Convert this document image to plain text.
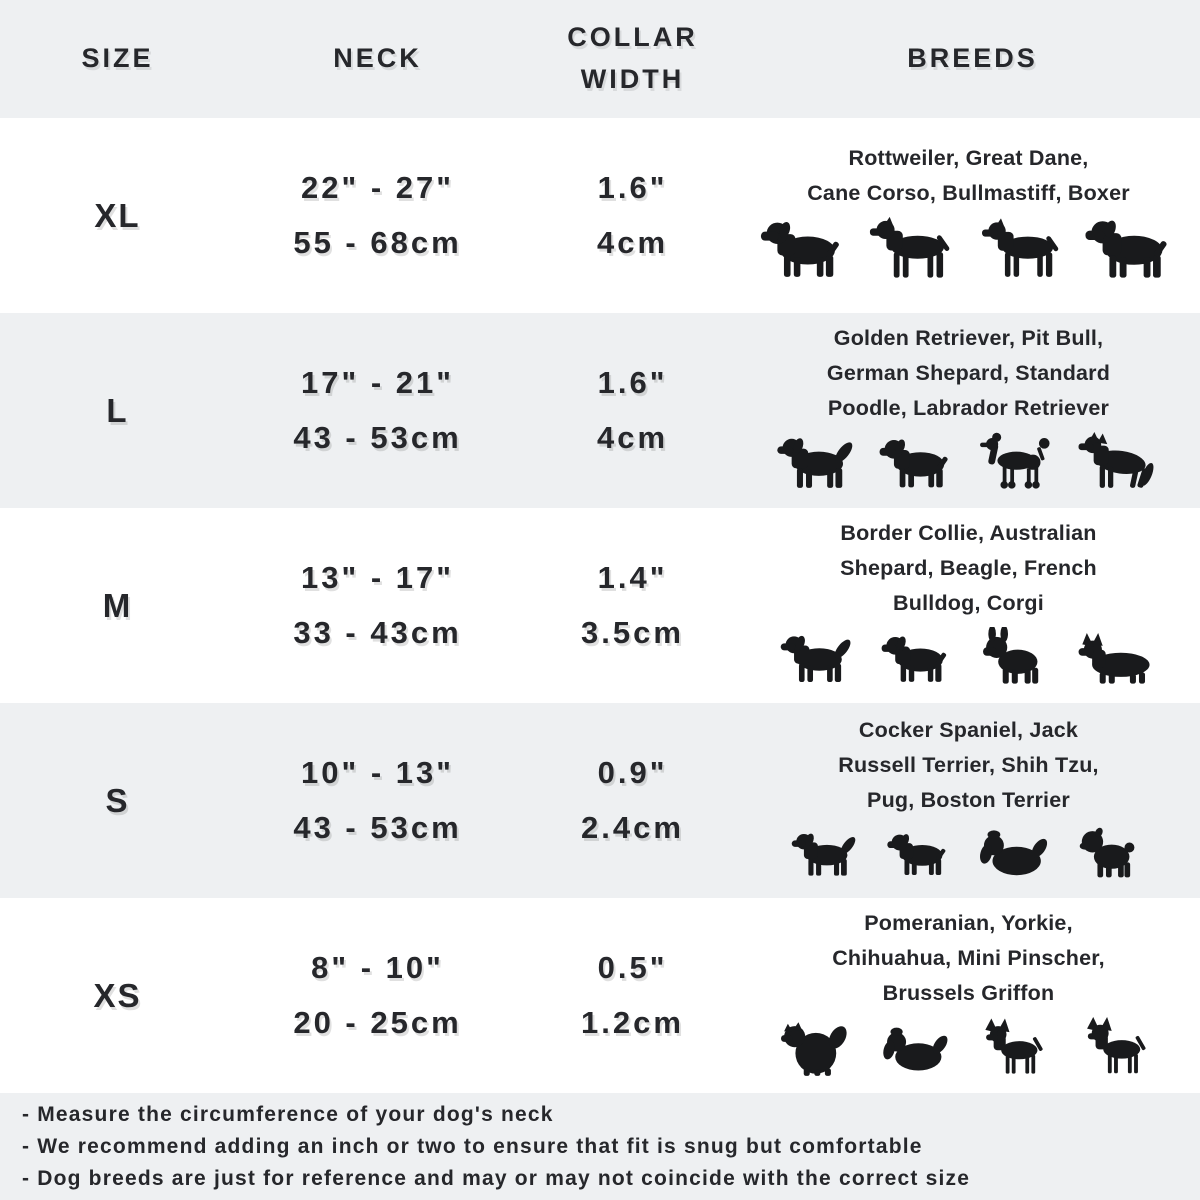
SIZE	NECK
COLLAR WIDTH
BREEDS
XL
22" - 27"
55 - 68cm
1.6"
4cm
Rottweiler, Great Dane,
Cane Corso, Bullmastiff, Boxer
L
17" - 21"
43 - 53cm
1.6"
4cm
Golden Retriever, Pit Bull,
German Shepard, Standard
Poodle, Labrador Retriever
M
13" - 17"
33 - 43cm
1.4"
3.5cm
Border Collie, Australian
Shepard, Beagle, French
Bulldog, Corgi
S
10" - 13"
43 - 53cm
0.9"
2.4cm
Cocker Spaniel, Jack
Russell Terrier, Shih Tzu,
Pug, Boston Terrier
XS
8" - 10"
20 - 25cm
0.5"
1.2cm
Pomeranian, Yorkie,
Chihuahua, Mini Pinscher,
Brussels Griffon
- Measure the circumference of your dog's neck
- We recommend adding an inch or two to ensure that fit is snug but comfortable
- Dog breeds are just for reference and may or may not coincide with the correct size
